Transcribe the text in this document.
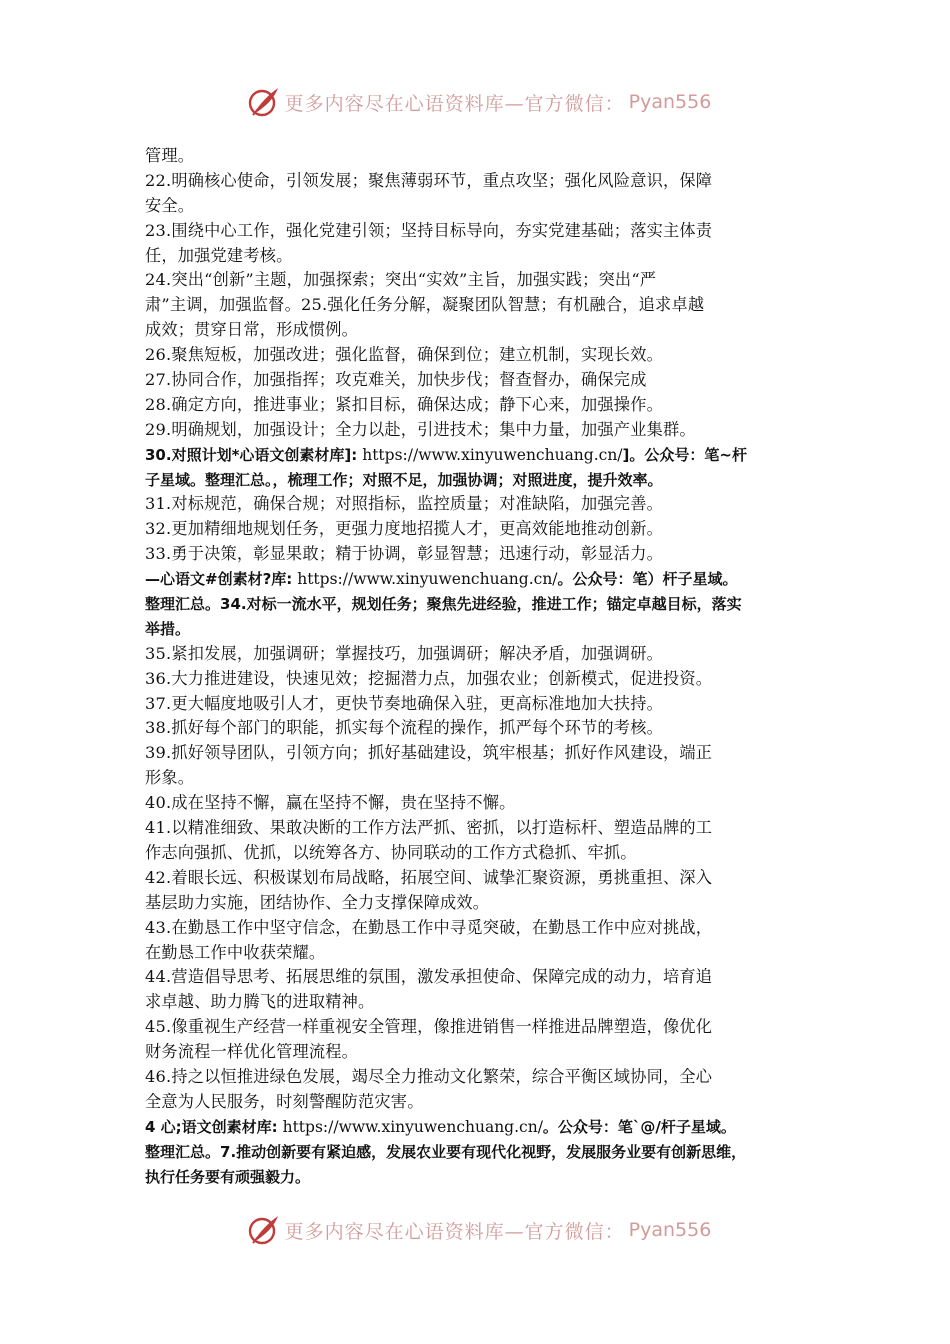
更多内容尽在心语资料库—官方微信： Pyan556
管理。
22.明确核心使命，引领发展；聚焦薄弱环节，重点攻坚；强化风险意识，保障
安全。
23.围绕中心工作，强化党建引领；坚持目标导向，夯实党建基础；落实主体责
任，加强党建考核。
24.突出“创新”主题，加强探索；突出“实效”主旨，加强实践；突出“严
肃”主调，加强监督。25.强化任务分解，凝聚团队智慧；有机融合，追求卓越
成效；贯穿日常，形成惯例。
26.聚焦短板，加强改进；强化监督，确保到位；建立机制，实现长效。
27.协同合作，加强指挥；攻克难关，加快步伐；督查督办，确保完成
28.确定方向，推进事业；紧扣目标，确保达成；静下心来，加强操作。
29.明确规划，加强设计；全力以赴，引进技术；集中力量，加强产业集群。
30.对照计划*心语文创素材库]: https://www.xinyuwenchuang.cn/]。公众号：笔~杆
子星域。整理汇总。，梳理工作；对照不足，加强协调；对照进度，提升效率。
31.对标规范，确保合规；对照指标，监控质量；对准缺陷，加强完善。
32.更加精细地规划任务，更强力度地招揽人才，更高效能地推动创新。
33.勇于决策，彰显果敢；精于协调，彰显智慧；迅速行动，彰显活力。
—心语文#创素材?库: https://www.xinyuwenchuang.cn/。公众号：笔）杆子星域。
整理汇总。34.对标一流水平，规划任务；聚焦先进经验，推进工作；锚定卓越目标，落实
举措。
35.紧扣发展，加强调研；掌握技巧，加强调研；解决矛盾，加强调研。
36.大力推进建设，快速见效；挖掘潜力点，加强农业；创新模式，促进投资。
37.更大幅度地吸引人才，更快节奏地确保入驻，更高标准地加大扶持。
38.抓好每个部门的职能，抓实每个流程的操作，抓严每个环节的考核。
39.抓好领导团队，引领方向；抓好基础建设，筑牢根基；抓好作风建设，端正
形象。
40.成在坚持不懈，赢在坚持不懈，贵在坚持不懈。
41.以精准细致、果敢决断的工作方法严抓、密抓，以打造标杆、塑造品牌的工
作志向强抓、优抓，以统筹各方、协同联动的工作方式稳抓、牢抓。
42.着眼长远、积极谋划布局战略，拓展空间、诚挚汇聚资源，勇挑重担、深入
基层助力实施，团结协作、全力支撑保障成效。
43.在勤恳工作中坚守信念，在勤恳工作中寻觅突破，在勤恳工作中应对挑战，
在勤恳工作中收获荣耀。
44.营造倡导思考、拓展思维的氛围，激发承担使命、保障完成的动力，培育追
求卓越、助力腾飞的进取精神。
45.像重视生产经营一样重视安全管理，像推进销售一样推进品牌塑造，像优化
财务流程一样优化管理流程。
46.持之以恒推进绿色发展，竭尽全力推动文化繁荣，综合平衡区域协同，全心
全意为人民服务，时刻警醒防范灾害。
4 心;语文创素材库: https://www.xinyuwenchuang.cn/。公众号：笔`@/杆子星域。
整理汇总。7.推动创新要有紧迫感，发展农业要有现代化视野，发展服务业要有创新思维，
执行任务要有顽强毅力。
更多内容尽在心语资料库—官方微信： Pyan556
